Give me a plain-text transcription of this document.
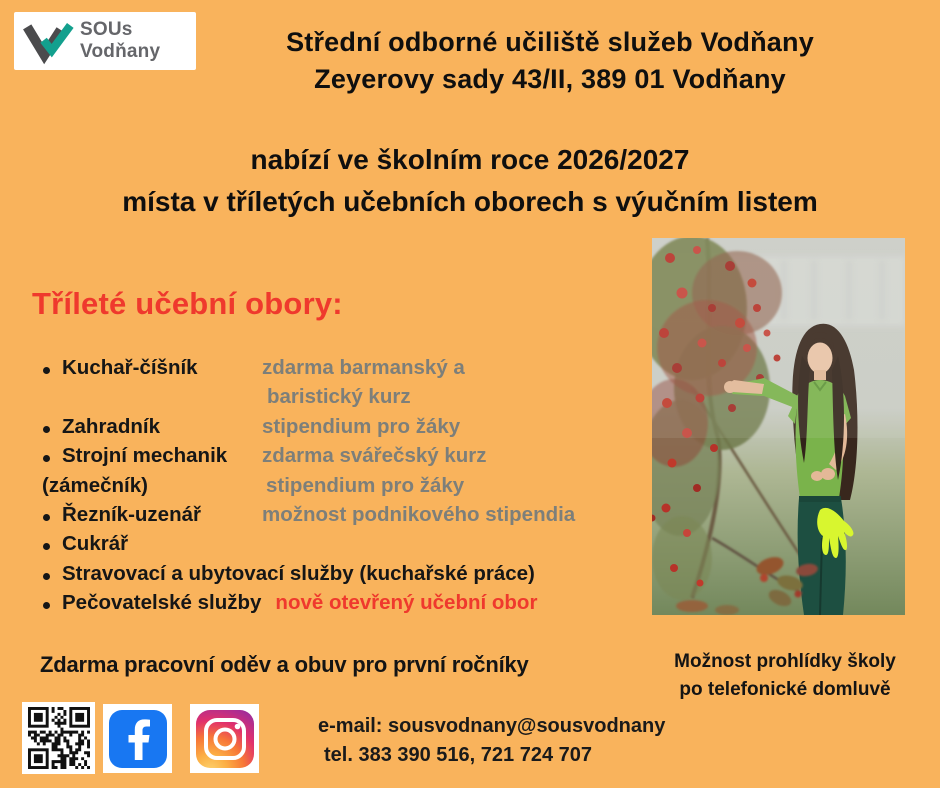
SOUs Vodňany	Střední odborné učiliště služeb Vodňany
Zeyerovy sady 43/II, 389 01 Vodňany
nabízí ve školním roce 2026/2027
místa v tříletých učebních oborech s výučním listem
Tříleté učební obory:
Kuchař-číšník	zdarma barmanský a
baristický kurz
Zahradník	stipendium pro žáky
Strojní mechanik	zdarma svářečský kurz
(zámečník)	stipendium pro žáky
Řezník-uzenář	možnost podnikového stipendia
Cukrář
Stravovací a ubytovací služby (kuchařské práce)
Pečovatelské služby nově otevřený učební obor
Zdarma pracovní oděv a obuv pro první ročníky	Možnost prohlídky školy
po telefonické domluvě
e-mail: sousvodnany@sousvodnany
tel. 383 390 516, 721 724 707
